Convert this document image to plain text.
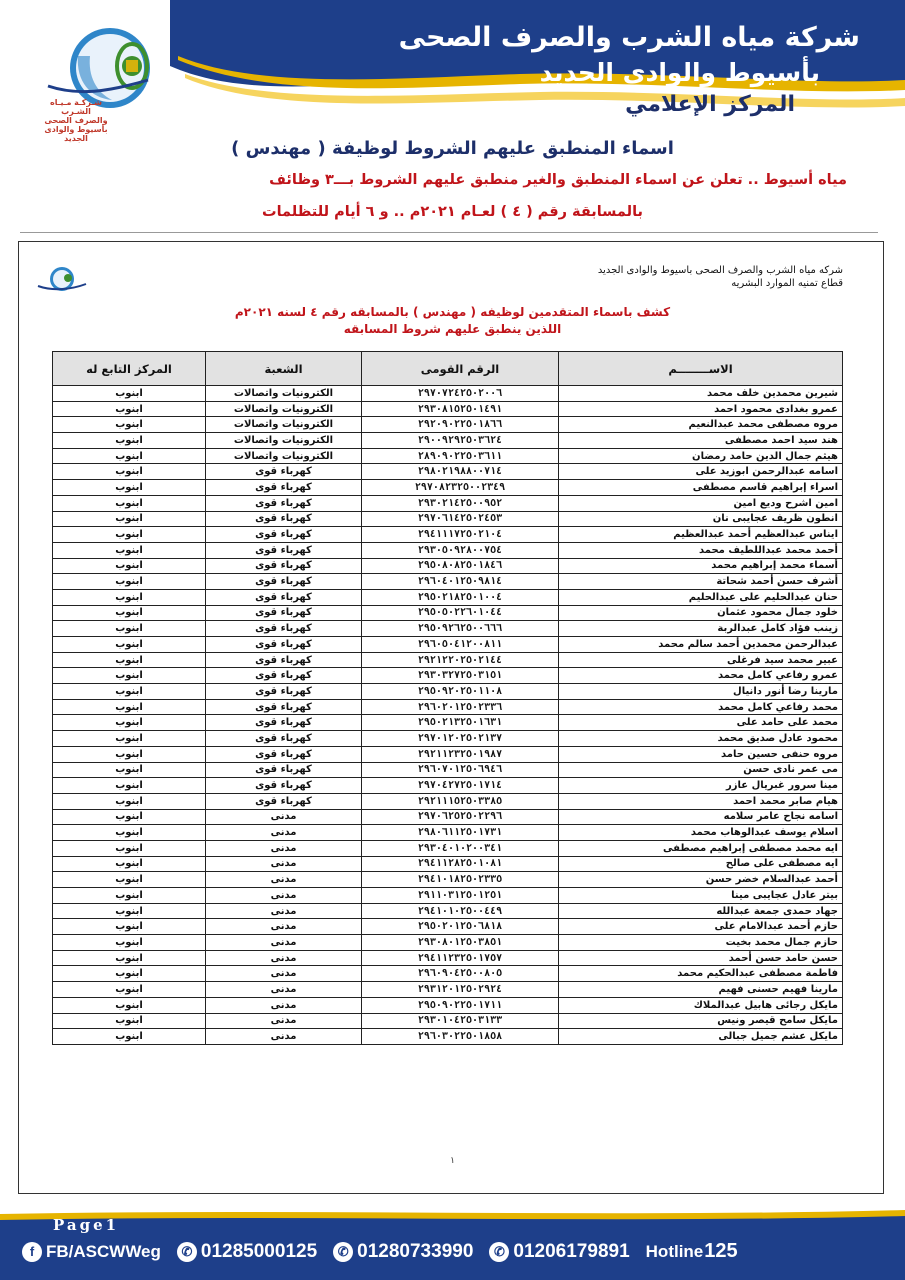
شركة مياه الشرب والصرف الصحى
بأسيوط والوادى الجديد
المركز الإعلامي
شـركـة مـيـاه الشـرب والصرف الصحى بأسيوط والوادى الجديد	اسماء المنطبق عليهم الشروط لوظيفة ( مهندس )
مياه أسيوط .. تعلن عن اسماء المنطبق والغير منطبق عليهم الشروط بـــ٣ وظائف
بالمسابقة رقم ( ٤ ) لعـام ٢٠٢١م .. و ٦ أيام للتظلمات
شركه مياه الشرب والصرف الصحى باسيوط والوادى الجديد
قطاع تمنيه الموارد البشريه
كشف باسماء المتقدمين لوظيفه ( مهندس ) بالمسابقه رقم ٤ لسنه ٢٠٢١م
اللذين ينطبق عليهم شروط المسابقه
الاســــــــم	الرقم القومى	الشعبة	المركز التابع له
شيرين محمدين خلف محمد	٢٩٧٠٧٢٤٢٥٠٢٠٠٦	الكترونيات واتصالات	ابنوب
عمرو بغدادى محمود احمد	٢٩٣٠٨١٥٢٥٠١٤٩١	الكترونيات واتصالات	ابنوب
مروه مصطفى محمد عبدالنعيم	٢٩٢٠٩٠٢٢٥٠١٨٦٦	الكترونيات واتصالات	ابنوب
هند سيد احمد مصطفى	٢٩٠٠٩٢٩٢٥٠٣٦٢٤	الكترونيات واتصالات	ابنوب
هيثم جمال الدين حامد رمضان	٢٨٩٠٩٠٢٢٥٠٣٦١١	الكترونيات واتصالات	ابنوب
اسامه عبدالرحمن ابوزيد على	٢٩٨٠٢١٩٨٨٠٠٧١٤	كهرباء قوى	ابنوب
اسراء إبراهيم قاسم مصطفى	٢٩٧٠٨٢٣٢٥٠٠٢٣٤٩	كهرباء قوى	ابنوب
امين اشرح وديع امين	٢٩٣٠٢١٤٢٥٠٠٩٥٢	كهرباء قوى	ابنوب
انطون ظريف عجايبى نان	٢٩٧٠٦١٤٢٥٠٢٤٥٣	كهرباء قوى	ابنوب
ايناس عبدالعظيم أحمد عبدالعظيم	٢٩٤١١١٧٢٥٠٢١٠٤	كهرباء قوى	ابنوب
أحمد محمد عبداللطيف محمد	٢٩٣٠٥٠٩٢٨٠٠٧٥٤	كهرباء قوى	ابنوب
أسماء محمد إبراهيم محمد	٢٩٥٠٨٠٨٢٥٠١٨٤٦	كهرباء قوى	ابنوب
أشرف حسن أحمد شحاتة	٢٩٦٠٤٠١٢٥٠٩٨١٤	كهرباء قوى	ابنوب
حنان عبدالحليم على عبدالحليم	٢٩٥٠٢١٨٢٥٠١٠٠٤	كهرباء قوى	ابنوب
خلود جمال محمود عثمان	٢٩٥٠٥٠٢٢٦٠١٠٤٤	كهرباء قوى	ابنوب
زينب فؤاد كامل عبدالربة	٢٩٥٠٩٢٦٢٥٠٠٦٦٦	كهرباء قوى	ابنوب
عبدالرحمن محمدين أحمد سالم محمد	٢٩٦٠٥٠٤١٢٠٠٨١١	كهرباء قوى	ابنوب
عبير محمد سيد فرغلى	٢٩٢١٢٢٠٢٥٠٢١٤٤	كهرباء قوى	ابنوب
عمرو رفاعي كامل محمد	٢٩٣٠٣٢٧٢٥٠٣١٥١	كهرباء قوى	ابنوب
مارينا رضا أنور دانيال	٢٩٥٠٩٢٠٢٥٠١١٠٨	كهرباء قوى	ابنوب
محمد رفاعي كامل محمد	٢٩٦٠٢٠١٢٥٠٢٣٣٦	كهرباء قوى	ابنوب
محمد على حامد على	٢٩٥٠٢١٣٢٥٠١٦٣١	كهرباء قوى	ابنوب
محمود عادل صديق محمد	٢٩٧٠١٢٠٢٥٠٢١٣٧	كهرباء قوى	ابنوب
مروه حنفى حسين حامد	٢٩٢١١٢٣٢٥٠١٩٨٧	كهرباء قوى	ابنوب
مى عمر نادى حسن	٢٩٦٠٧٠١٢٥٠٦٩٤٦	كهرباء قوى	ابنوب
مينا سرور غبريال عازر	٢٩٧٠٤٢٧٢٥٠١٧١٤	كهرباء قوى	ابنوب
هيام صابر محمد احمد	٢٩٢١١١٥٢٥٠٣٣٨٥	كهرباء قوى	ابنوب
اسامه نجاح عامر سلامه	٢٩٧٠٦٢٥٢٥٠٢٢٩٦	مدنى	ابنوب
اسلام يوسف عبدالوهاب محمد	٢٩٨٠٦١١٢٥٠١٧٣١	مدنى	ابنوب
ايه محمد مصطفى إبراهيم مصطفى	٢٩٣٠٤٠١٠٢٠٠٣٤١	مدنى	ابنوب
ايه مصطفى على صالح	٢٩٤١١٢٨٢٥٠١٠٨١	مدنى	ابنوب
أحمد عبدالسلام خضر حسن	٢٩٤١٠١٨٢٥٠٢٣٣٥	مدنى	ابنوب
بيتر عادل عجايبى مينا	٢٩١١٠٣١٢٥٠١٢٥١	مدنى	ابنوب
جهاد حمدى جمعة عبدالله	٢٩٤١٠١٠٢٥٠٠٤٤٩	مدنى	ابنوب
حازم أحمد عبدالامام على	٢٩٥٠٢٠١٢٥٠٦٨١٨	مدنى	ابنوب
حازم جمال محمد بخيت	٢٩٣٠٨٠١٢٥٠٣٨٥١	مدنى	ابنوب
حسن حامد حسن أحمد	٢٩٤١١٢٣٢٥٠١٧٥٧	مدنى	ابنوب
فاطمة مصطفى عبدالحكيم محمد	٢٩٦٠٩٠٤٢٥٠٠٨٠٥	مدنى	ابنوب
مارينا فهيم حسنى فهيم	٢٩٣١٢٠١٢٥٠٢٩٢٤	مدنى	ابنوب
مايكل رجائى هابيل عبدالملاك	٢٩٥٠٩٠٢٢٥٠١٧١١	مدنى	ابنوب
مايكل سامح قيصر ونيس	٢٩٣٠١٠٤٢٥٠٣١٣٣	مدنى	ابنوب
مايكل عشم جميل جبالى	٢٩٦٠٣٠٢٢٥٠١٨٥٨	مدنى	ابنوب
١
Page1
f FB/ASCWWeg	✆ 01285000125	✆ 01280733990	✆ 01206179891 Hotline 125
